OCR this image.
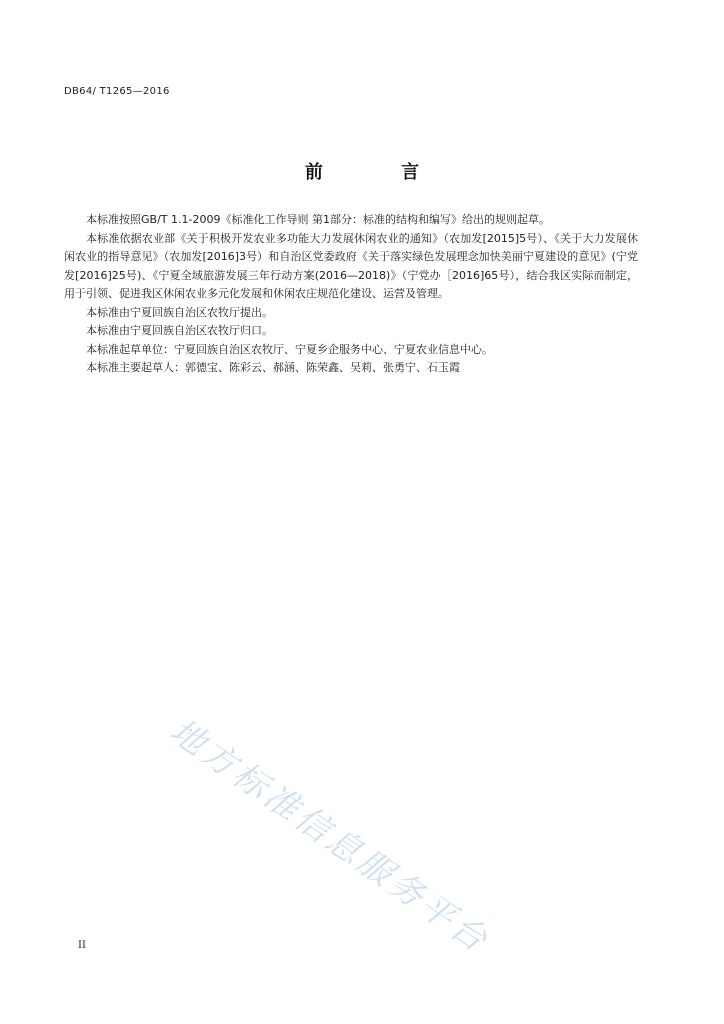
DB64/ T1265—2016
前 言

本标准按照GB/T 1.1-2009《标准化工作导则 第1部分：标准的结构和编写》给出的规则起草。

本标准依据农业部《关于积极开发农业多功能大力发展休闲农业的通知》（农加发[2015]5号）、《关于大力发展休闲农业的指导意见》（农加发[2016]3号）和自治区党委政府《关于落实绿色发展理念加快美丽宁夏建设的意见》(宁党发[2016]25号)、《宁夏全域旅游发展三年行动方案(2016—2018)》（宁党办［2016]65号），结合我区实际而制定，用于引领、促进我区休闲农业多元化发展和休闲农庄规范化建设、运营及管理。

本标准由宁夏回族自治区农牧厅提出。

本标准由宁夏回族自治区农牧厅归口。

本标准起草单位：宁夏回族自治区农牧厅、宁夏乡企服务中心、宁夏农业信息中心。

本标准主要起草人：郭德宝、陈彩云、郝涵、陈荣鑫、吴莉、张勇宁、石玉霞

地方标准信息服务平台
II
